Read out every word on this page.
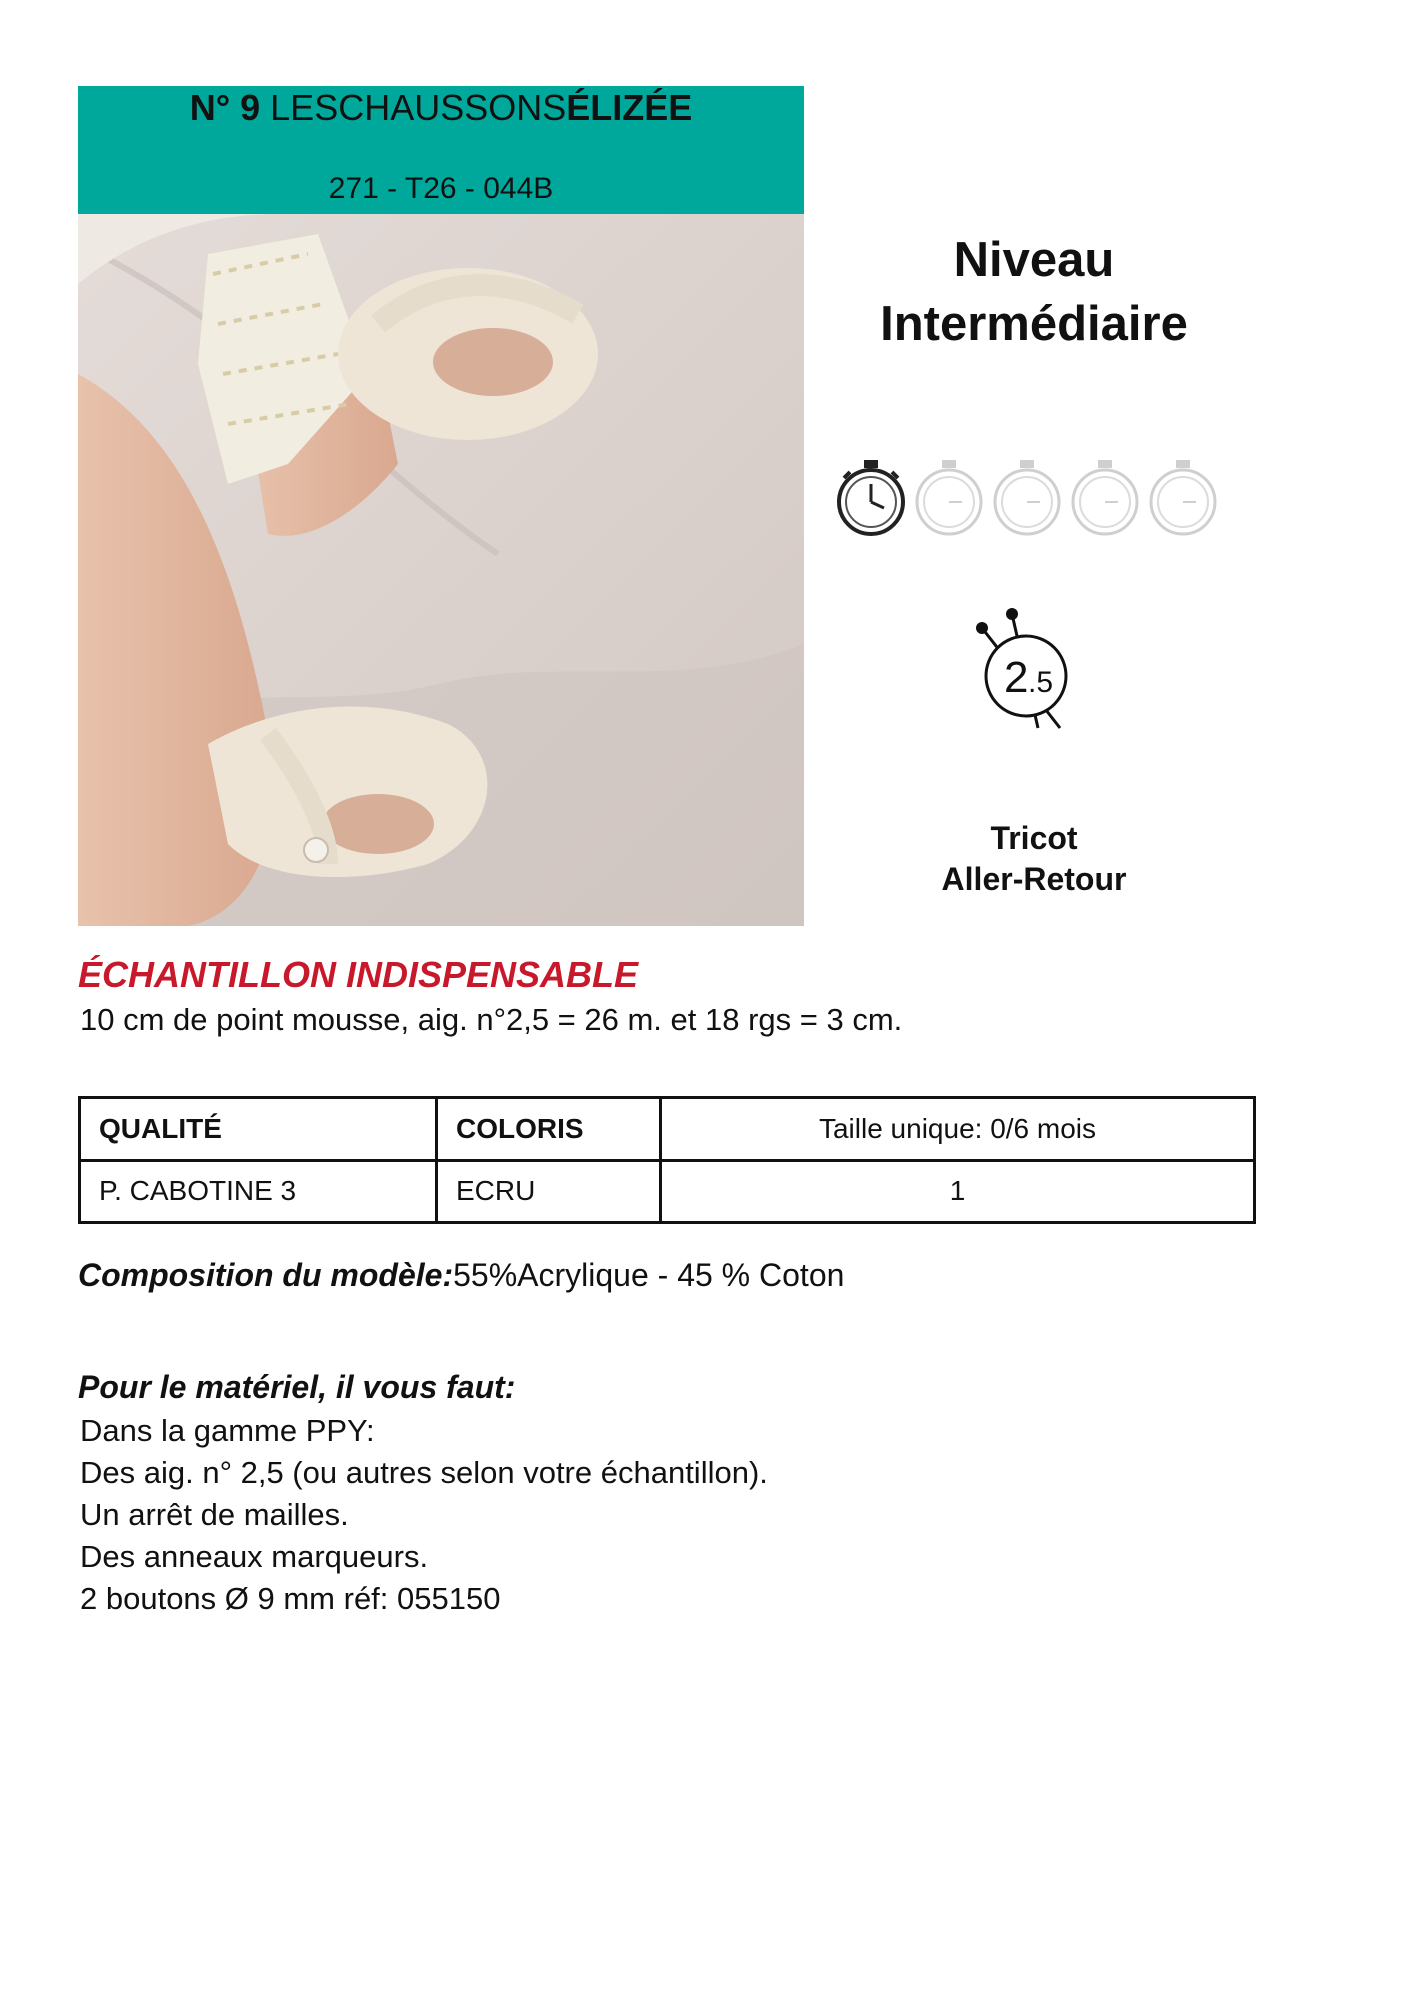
N° 9 LESCHAUSSONSÉLIZÉE
271 - T26 - 044B
Niveau
Intermédiaire
2 .5
Tricot
Aller-Retour
ÉCHANTILLON INDISPENSABLE
10 cm de point mousse, aig. n°2,5 = 26 m. et 18 rgs = 3 cm.
QUALITÉ	COLORIS	Taille unique: 0/6 mois
P. CABOTINE 3	ECRU	1
Composition du modèle:55%Acrylique - 45 % Coton
Pour le matériel, il vous faut:
Dans la gamme PPY:
Des aig. n° 2,5 (ou autres selon votre échantillon).
Un arrêt de mailles.
Des anneaux marqueurs.
2 boutons Ø 9 mm réf: 055150
